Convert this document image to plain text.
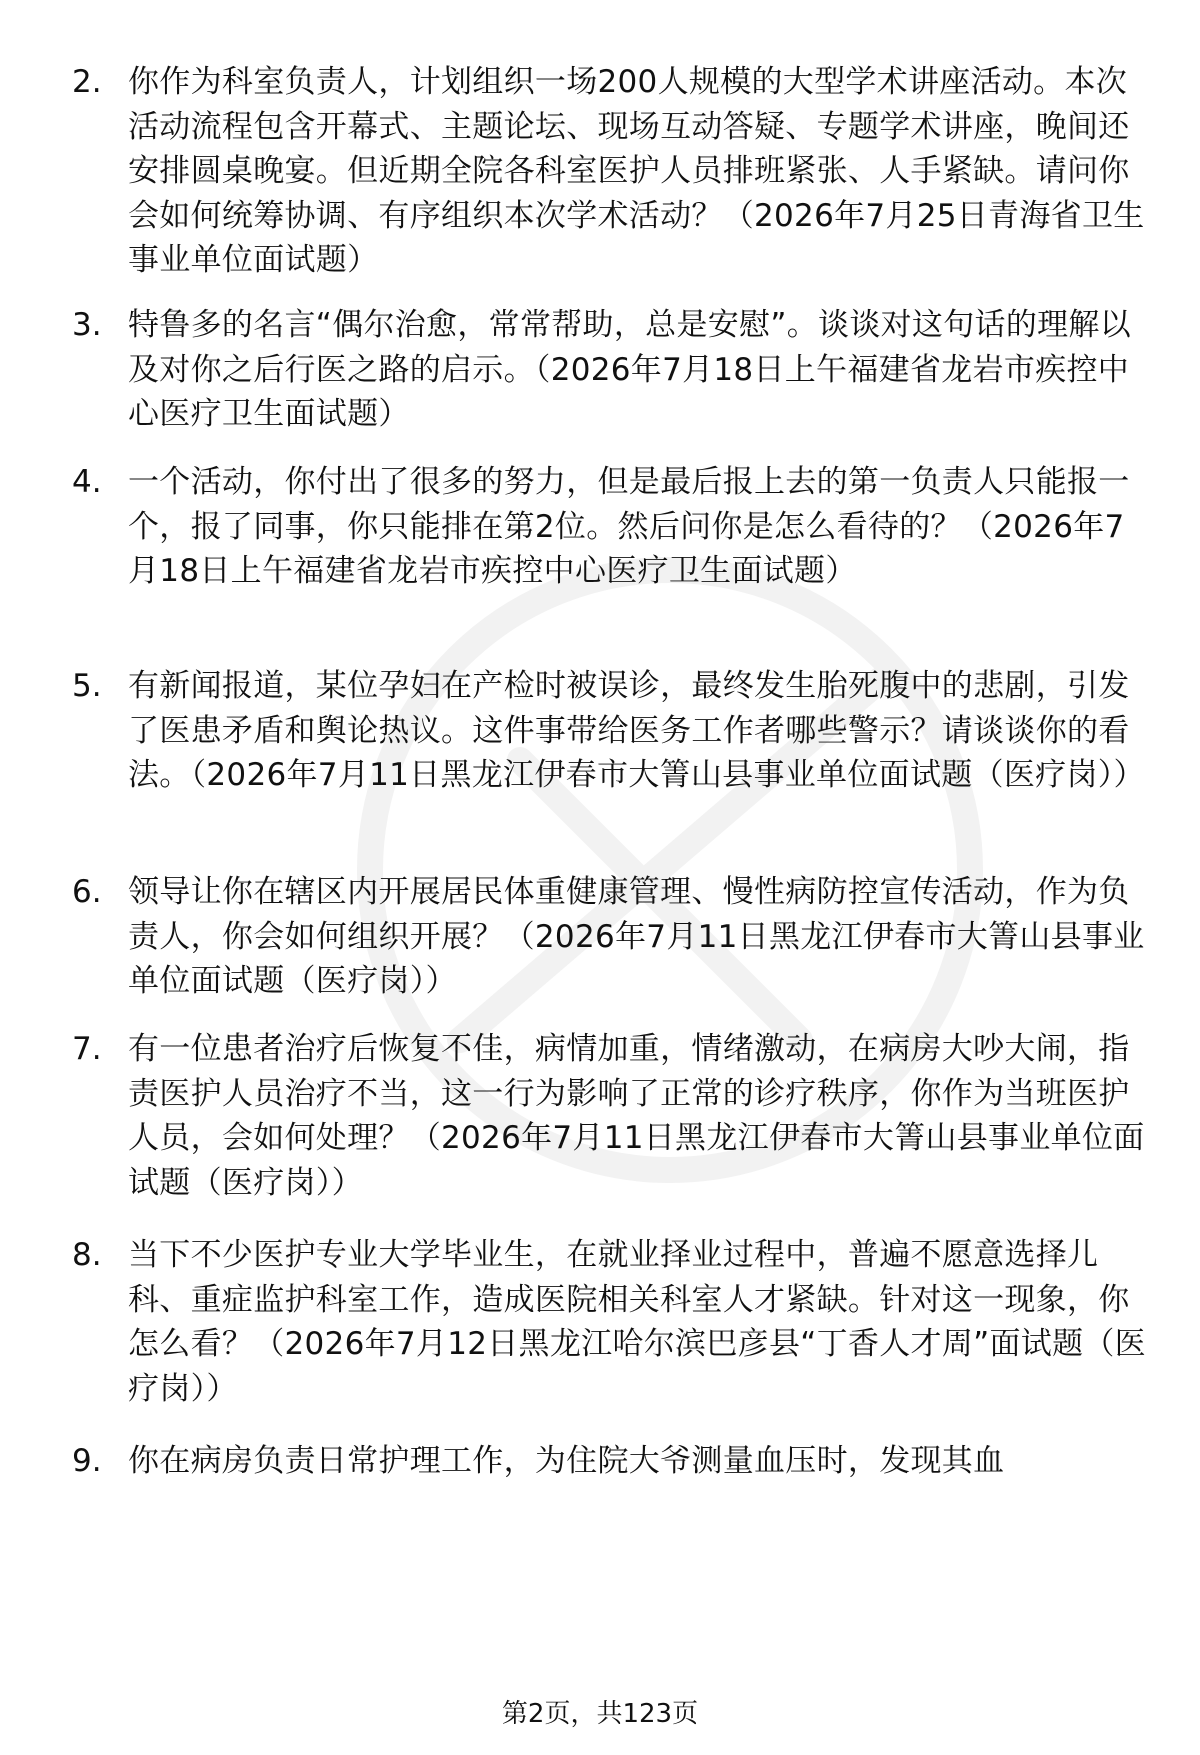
2. 你作为科室负责人，计划组织一场200人规模的大型学术讲座活动。本次活动流程包含开幕式、主题论坛、现场互动答疑、专题学术讲座，晚间还安排圆桌晚宴。但近期全院各科室医护人员排班紧张、人手紧缺。请问你会如何统筹协调、有序组织本次学术活动？（2026年7月25日青海省卫生事业单位面试题）
3. 特鲁多的名言“偶尔治愈，常常帮助，总是安慰”。谈谈对这句话的理解以及对你之后行医之路的启示。（2026年7月18日上午福建省龙岩市疾控中心医疗卫生面试题）
4. 一个活动，你付出了很多的努力，但是最后报上去的第一负责人只能报一个，报了同事，你只能排在第2位。然后问你是怎么看待的？（2026年7月18日上午福建省龙岩市疾控中心医疗卫生面试题）
5. 有新闻报道，某位孕妇在产检时被误诊，最终发生胎死腹中的悲剧，引发了医患矛盾和舆论热议。这件事带给医务工作者哪些警示？请谈谈你的看法。（2026年7月11日黑龙江伊春市大箐山县事业单位面试题（医疗岗））
6. 领导让你在辖区内开展居民体重健康管理、慢性病防控宣传活动，作为负责人，你会如何组织开展？（2026年7月11日黑龙江伊春市大箐山县事业单位面试题（医疗岗））
7. 有一位患者治疗后恢复不佳，病情加重，情绪激动，在病房大吵大闹，指责医护人员治疗不当，这一行为影响了正常的诊疗秩序，你作为当班医护人员，会如何处理？（2026年7月11日黑龙江伊春市大箐山县事业单位面试题（医疗岗））
8. 当下不少医护专业大学毕业生，在就业择业过程中，普遍不愿意选择儿科、重症监护科室工作，造成医院相关科室人才紧缺。针对这一现象，你怎么看？（2026年7月12日黑龙江哈尔滨巴彦县“丁香人才周”面试题（医疗岗））
9. 你在病房负责日常护理工作，为住院大爷测量血压时，发现其血
第2页，共123页
